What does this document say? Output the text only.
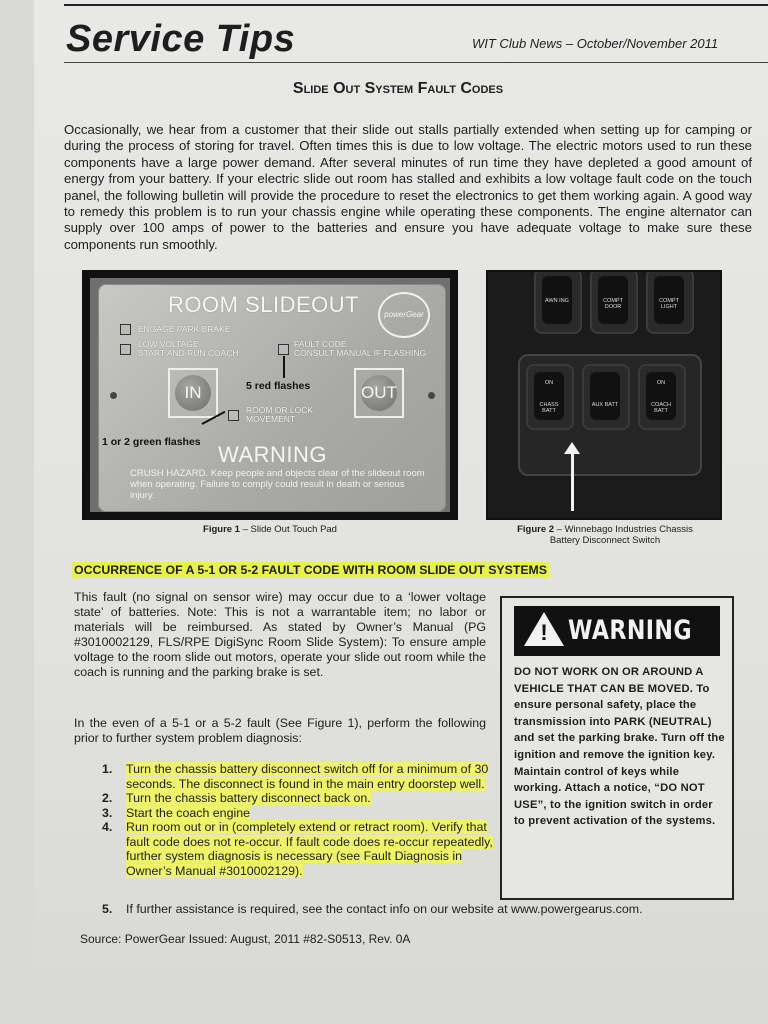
Service Tips	WIT Club News – October/November 2011
Slide Out System Fault Codes

Occasionally, we hear from a customer that their slide out stalls partially extended when setting up for camping or during the process of storing for travel. Often times this is due to low voltage. The electric motors used to run these components have a large power demand. After several minutes of run time they have depleted a good amount of energy from your battery. If your electric slide out room has stalled and exhibits a low voltage fault code on the touch panel, the following bulletin will provide the procedure to reset the electronics to get them working again. A good way to remedy this problem is to run your chassis engine while operating these components. The engine alternator can supply over 100 amps of power to the batteries and ensure you have adequate voltage to make sure these components run smoothly.

ROOM SLIDEOUT	powerGear
ENGAGE PARK BRAKE
LOW VOLTAGE
START AND RUN COACH
FAULT CODE
CONSULT MANUAL IF FLASHING
5 red flashes
IN	OUT
ROOM OR LOCK
MOVEMENT
1 or 2 green flashes WARNING
CRUSH HAZARD. Keep people and objects clear of the slideout room when operating. Failure to comply could result in death or serious injury.
Figure 1 – Slide Out Touch Pad
AWN ING	COMPT DOOR
COMPT LIGHT
ON
CHASS BATT
AUX BATT
ON
COACH BATT
Figure 2 – Winnebago Industries Chassis
Battery Disconnect Switch
OCCURRENCE OF A 5-1 OR 5-2 FAULT CODE WITH ROOM SLIDE OUT SYSTEMS

This fault (no signal on sensor wire) may occur due to a ‘lower voltage state’ of batteries. Note: This is not a warrantable item; no labor or materials will be reimbursed. As stated by Owner’s Manual (PG #3010002129, FLS/RPE DigiSync Room Slide System): To ensure ample voltage to the room slide out motors, operate your slide out room while the coach is running and the parking brake is set.

In the even of a 5-1 or a 5-2 fault (See Figure 1), perform the following prior to further system problem diagnosis:

1. Turn the chassis battery disconnect switch off for a minimum of 30 seconds. The disconnect is found in the main entry doorstep well.
2. Turn the chassis battery disconnect back on.
3. Start the coach engine
4. Run room out or in (completely extend or retract room). Verify that fault code does not re-occur. If fault code does re-occur repeatedly, further system diagnosis is necessary (see Fault Diagnosis in Owner’s Manual #3010002129).
5. If further assistance is required, see the contact info on our website at www.powergearus.com.
Source: PowerGear Issued: August, 2011 #82-S0513, Rev. 0A
! WARNING

DO NOT WORK ON OR AROUND A VEHICLE THAT CAN BE MOVED. To ensure personal safety, place the transmission into PARK (NEUTRAL) and set the parking brake. Turn off the ignition and remove the ignition key. Maintain control of keys while working. Attach a notice, “DO NOT USE”, to the ignition switch in order to prevent activation of the systems.
